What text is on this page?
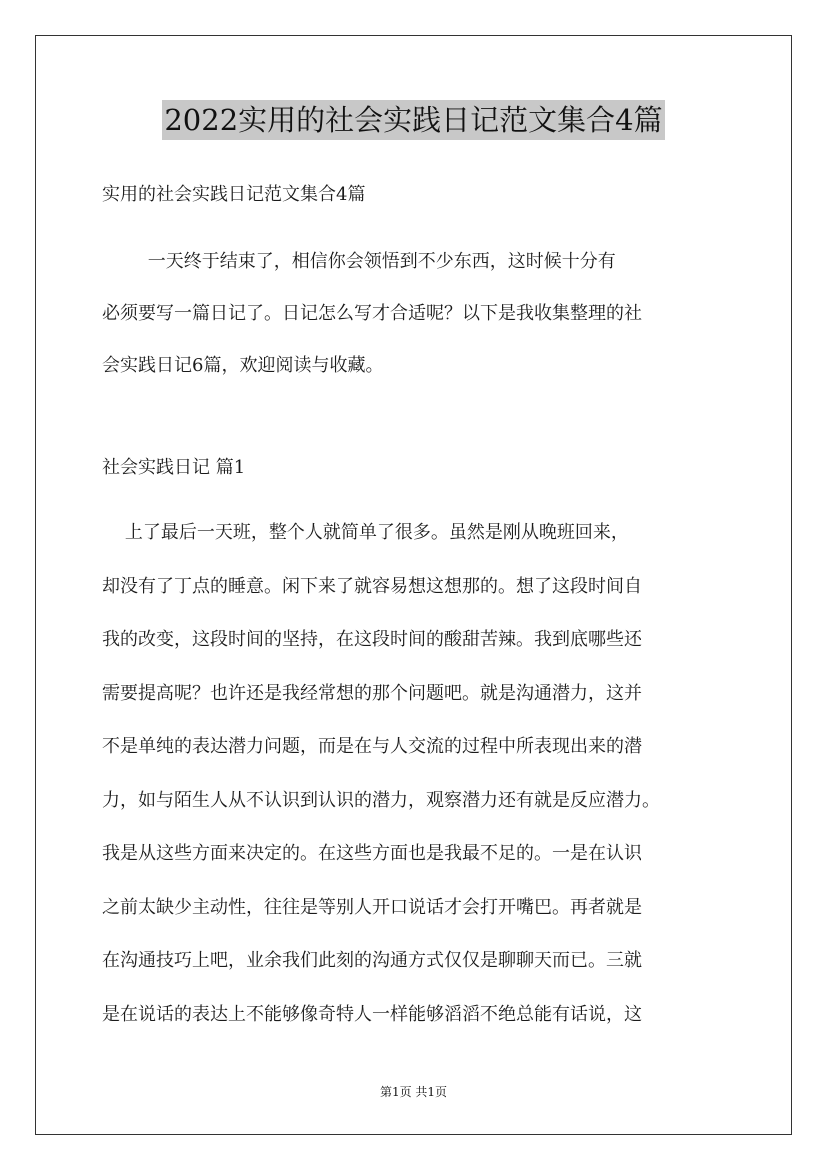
2022实用的社会实践日记范文集合4篇
实用的社会实践日记范文集合4篇
一天终于结束了，相信你会领悟到不少东西，这时候十分有
必须要写一篇日记了。日记怎么写才合适呢？以下是我收集整理的社
会实践日记6篇，欢迎阅读与收藏。
社会实践日记 篇1
上了最后一天班，整个人就简单了很多。虽然是刚从晚班回来，
却没有了丁点的睡意。闲下来了就容易想这想那的。想了这段时间自
我的改变，这段时间的坚持，在这段时间的酸甜苦辣。我到底哪些还
需要提高呢？也许还是我经常想的那个问题吧。就是沟通潜力，这并
不是单纯的表达潜力问题，而是在与人交流的过程中所表现出来的潜
力，如与陌生人从不认识到认识的潜力，观察潜力还有就是反应潜力。
我是从这些方面来决定的。在这些方面也是我最不足的。一是在认识
之前太缺少主动性，往往是等别人开口说话才会打开嘴巴。再者就是
在沟通技巧上吧，业余我们此刻的沟通方式仅仅是聊聊天而已。三就
是在说话的表达上不能够像奇特人一样能够滔滔不绝总能有话说，这
第1页 共1页
